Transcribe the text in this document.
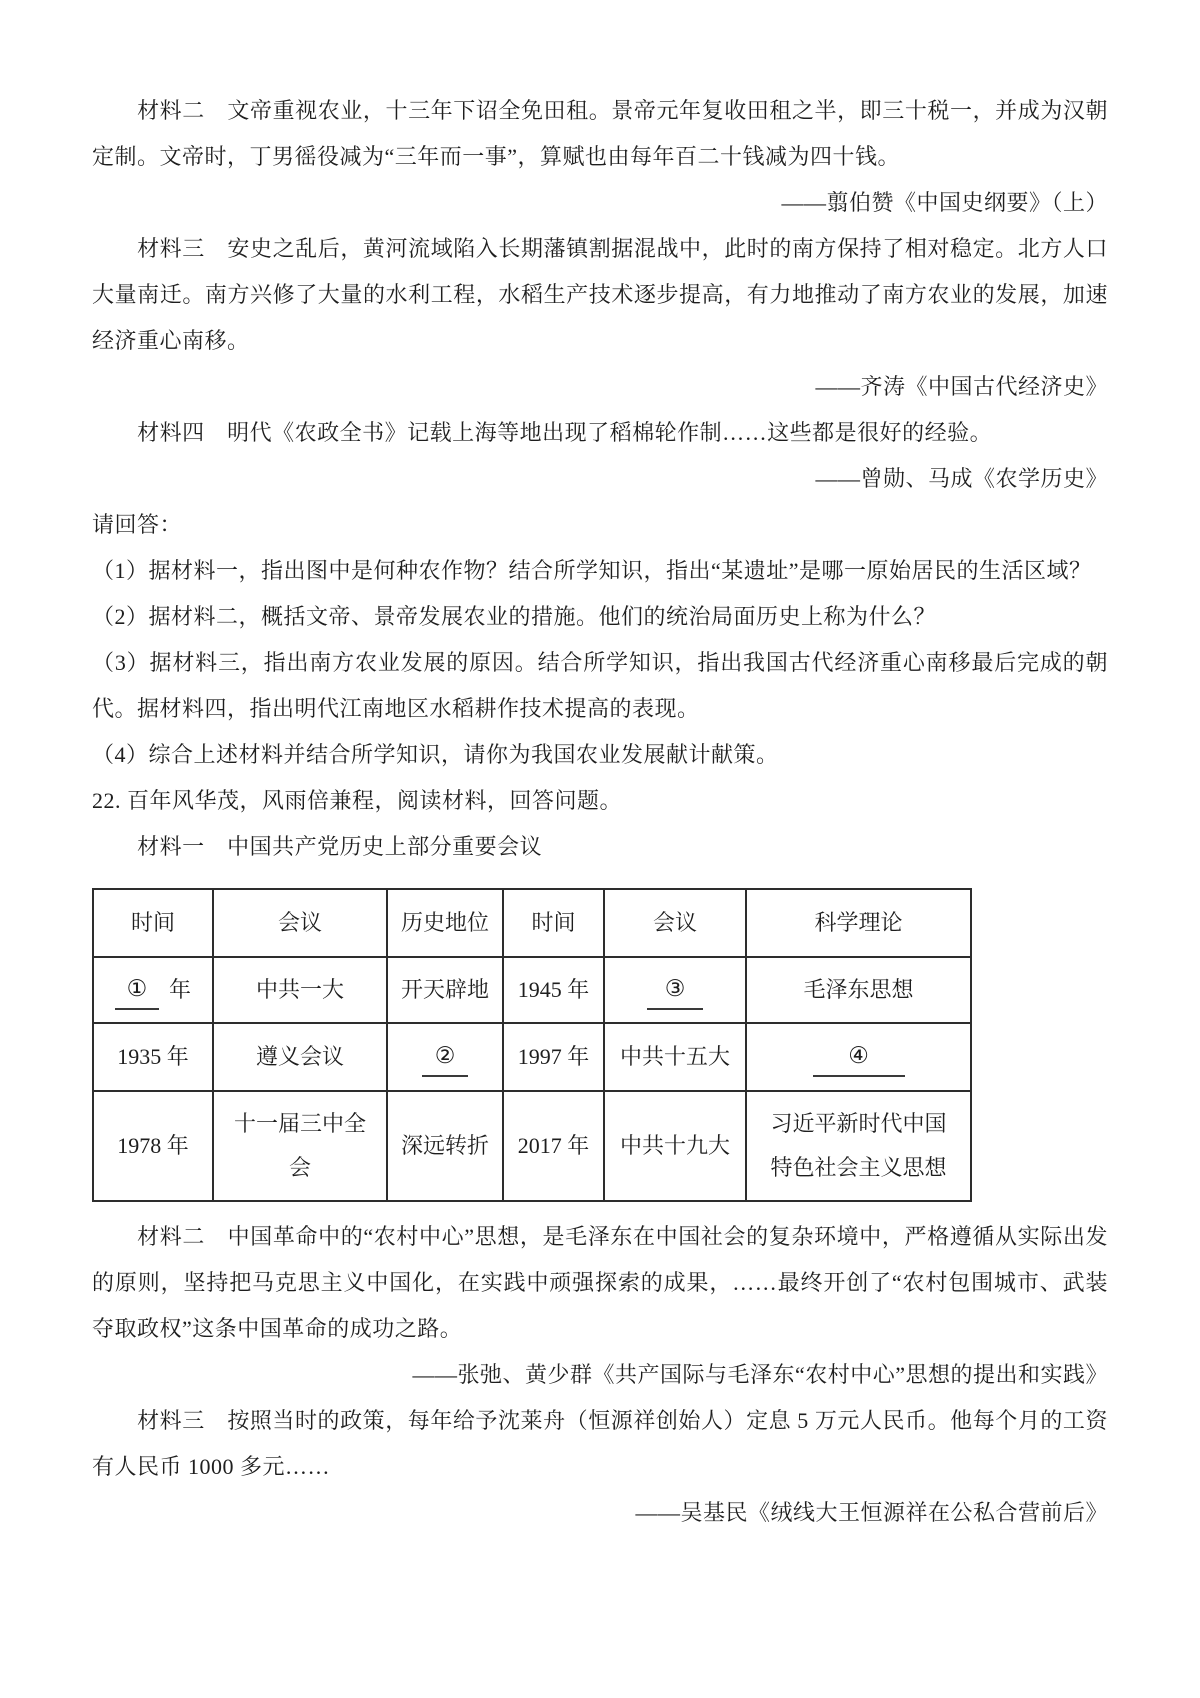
材料二　文帝重视农业，十三年下诏全免田租。景帝元年复收田租之半，即三十税一，并成为汉朝定制。文帝时，丁男徭役减为“三年而一事”，算赋也由每年百二十钱减为四十钱。

——翦伯赞《中国史纲要》（上）

材料三　安史之乱后，黄河流域陷入长期藩镇割据混战中，此时的南方保持了相对稳定。北方人口大量南迁。南方兴修了大量的水利工程，水稻生产技术逐步提高，有力地推动了南方农业的发展，加速经济重心南移。

——齐涛《中国古代经济史》

材料四　明代《农政全书》记载上海等地出现了稻棉轮作制……这些都是很好的经验。

——曾勋、马成《农学历史》

请回答：

（1）据材料一，指出图中是何种农作物？结合所学知识，指出“某遗址”是哪一原始居民的生活区域？

（2）据材料二，概括文帝、景帝发展农业的措施。他们的统治局面历史上称为什么？

（3）据材料三，指出南方农业发展的原因。结合所学知识，指出我国古代经济重心南移最后完成的朝代。据材料四，指出明代江南地区水稻耕作技术提高的表现。

（4）综合上述材料并结合所学知识，请你为我国农业发展献计献策。

22. 百年风华茂，风雨倍兼程，阅读材料，回答问题。

材料一　中国共产党历史上部分重要会议

时间	会议	历史地位	时间	会议	科学理论
① 年	中共一大	开天辟地	1945 年	③	毛泽东思想
1935 年	遵义会议	②	1997 年	中共十五大	④
1978 年	十一届三中全会	深远转折	2017 年	中共十九大	习近平新时代中国特色社会主义思想

材料二　中国革命中的“农村中心”思想，是毛泽东在中国社会的复杂环境中，严格遵循从实际出发的原则，坚持把马克思主义中国化，在实践中顽强探索的成果，……最终开创了“农村包围城市、武装夺取政权”这条中国革命的成功之路。

——张弛、黄少群《共产国际与毛泽东“农村中心”思想的提出和实践》

材料三　按照当时的政策，每年给予沈莱舟（恒源祥创始人）定息 5 万元人民币。他每个月的工资有人民币 1000 多元……

——吴基民《绒线大王恒源祥在公私合营前后》
